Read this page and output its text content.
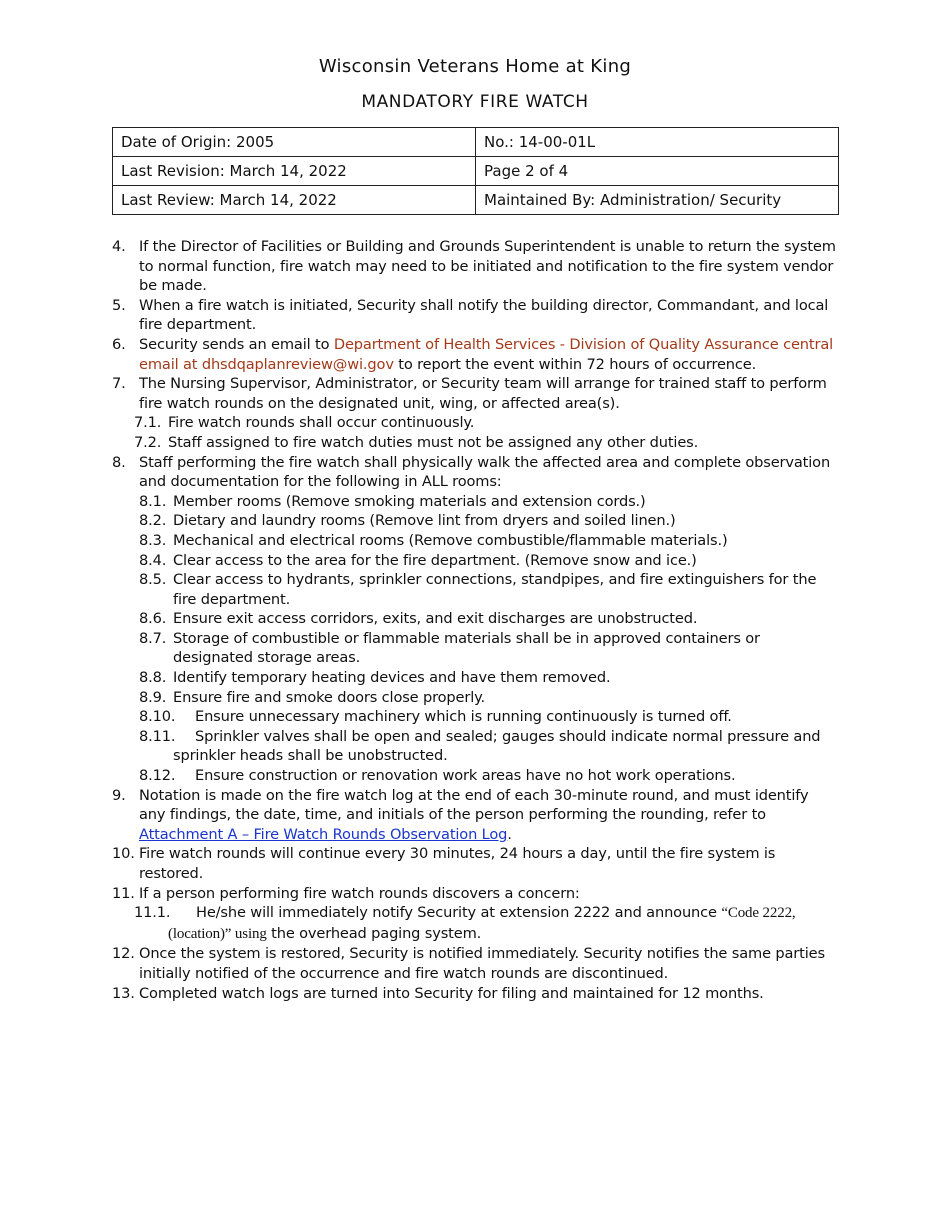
Wisconsin Veterans Home at King
MANDATORY FIRE WATCH
Date of Origin: 2005	No.: 14-00-01L
Last Revision: March 14, 2022	Page 2 of 4
Last Review: March 14, 2022	Maintained By: Administration/ Security
4. If the Director of Facilities or Building and Grounds Superintendent is unable to return the system to normal function, fire watch may need to be initiated and notification to the fire system vendor be made.
5. When a fire watch is initiated, Security shall notify the building director, Commandant, and local fire department.
6. Security sends an email to Department of Health Services - Division of Quality Assurance central email at dhsdqaplanreview@wi.gov to report the event within 72 hours of occurrence.
7. The Nursing Supervisor, Administrator, or Security team will arrange for trained staff to perform fire watch rounds on the designated unit, wing, or affected area(s).
7.1. Fire watch rounds shall occur continuously.
7.2. Staff assigned to fire watch duties must not be assigned any other duties.
8. Staff performing the fire watch shall physically walk the affected area and complete observation and documentation for the following in ALL rooms:
8.1. Member rooms (Remove smoking materials and extension cords.)
8.2. Dietary and laundry rooms (Remove lint from dryers and soiled linen.)
8.3. Mechanical and electrical rooms (Remove combustible/flammable materials.)
8.4. Clear access to the area for the fire department. (Remove snow and ice.)
8.5. Clear access to hydrants, sprinkler connections, standpipes, and fire extinguishers for the fire department.
8.6. Ensure exit access corridors, exits, and exit discharges are unobstructed.
8.7. Storage of combustible or flammable materials shall be in approved containers or designated storage areas.
8.8. Identify temporary heating devices and have them removed.
8.9. Ensure fire and smoke doors close properly.
8.10. Ensure unnecessary machinery which is running continuously is turned off.
8.11. Sprinkler valves shall be open and sealed; gauges should indicate normal pressure and
sprinkler heads shall be unobstructed.
8.12. Ensure construction or renovation work areas have no hot work operations.
9. Notation is made on the fire watch log at the end of each 30-minute round, and must identify any findings, the date, time, and initials of the person performing the rounding, refer to Attachment A – Fire Watch Rounds Observation Log.
10. Fire watch rounds will continue every 30 minutes, 24 hours a day, until the fire system is restored.
11. If a person performing fire watch rounds discovers a concern:
11.1. He/she will immediately notify Security at extension 2222 and announce “Code 2222, (location)” using the overhead paging system.
12. Once the system is restored, Security is notified immediately. Security notifies the same parties initially notified of the occurrence and fire watch rounds are discontinued.
13. Completed watch logs are turned into Security for filing and maintained for 12 months.
